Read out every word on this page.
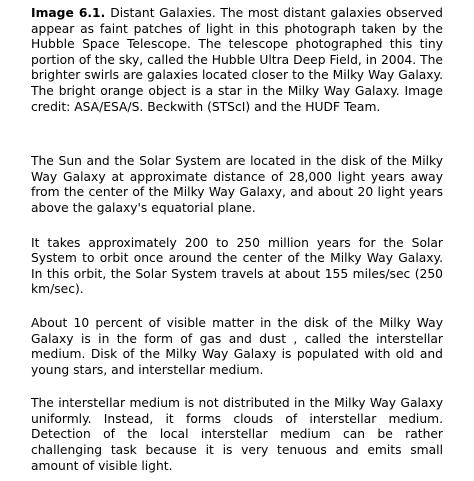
Image 6.1. Distant Galaxies. The most distant galaxies observed appear as faint patches of light in this photograph taken by the Hubble Space Telescope. The telescope photographed this tiny portion of the sky, called the Hubble Ultra Deep Field, in 2004. The brighter swirls are galaxies located closer to the Milky Way Galaxy. The bright orange object is a star in the Milky Way Galaxy. Image credit: ASA/ESA/S. Beckwith (STScI) and the HUDF Team.

The Sun and the Solar System are located in the disk of the Milky Way Galaxy at approximate distance of 28,000 light years away from the center of the Milky Way Galaxy, and about 20 light years above the galaxy's equatorial plane.

It takes approximately 200 to 250 million years for the Solar System to orbit once around the center of the Milky Way Galaxy. In this orbit, the Solar System travels at about 155 miles/sec (250 km/sec).

About 10 percent of visible matter in the disk of the Milky Way Galaxy is in the form of gas and dust , called the interstellar medium. Disk of the Milky Way Galaxy is populated with old and young stars, and interstellar medium.

The interstellar medium is not distributed in the Milky Way Galaxy uniformly. Instead, it forms clouds of interstellar medium. Detection of the local interstellar medium can be rather challenging task because it is very tenuous and emits small amount of visible light.
